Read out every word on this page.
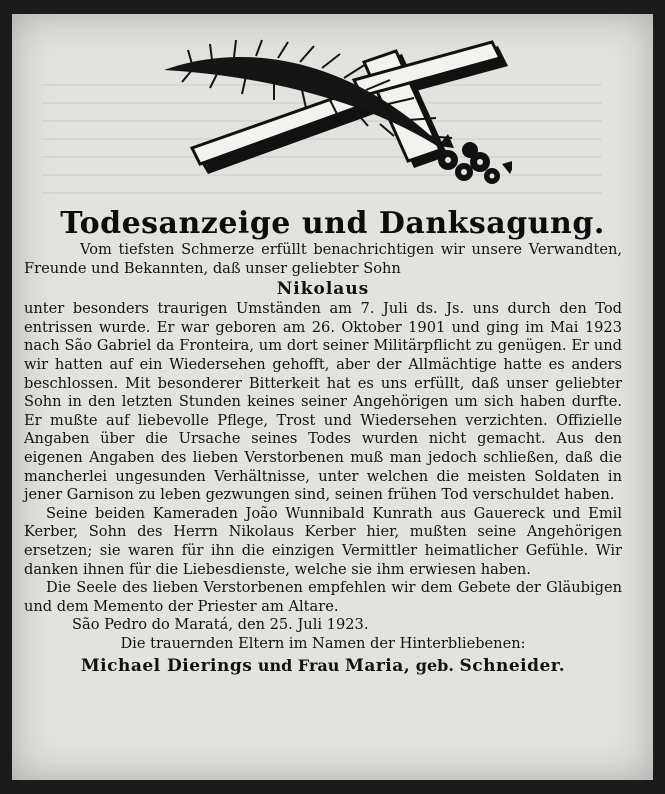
Todesanzeige und Danksagung.

Vom tiefsten Schmerze erfüllt benachrichtigen wir unsere Verwandten, Freunde und Bekannten, daß unser geliebter Sohn

Nikolaus

unter besonders traurigen Umständen am 7. Juli ds. Js. uns durch den Tod entrissen wurde. Er war geboren am 26. Oktober 1901 und ging im Mai 1923 nach São Gabriel da Fronteira, um dort seiner Militärpflicht zu genügen. Er und wir hatten auf ein Wiedersehen gehofft, aber der Allmächtige hatte es anders beschlossen. Mit besonderer Bitterkeit hat es uns erfüllt, daß unser geliebter Sohn in den letzten Stunden keines seiner Angehörigen um sich haben durfte. Er mußte auf liebevolle Pflege, Trost und Wiedersehen verzichten. Offizielle Angaben über die Ursache seines Todes wurden nicht gemacht. Aus den eigenen Angaben des lieben Verstorbenen muß man jedoch schließen, daß die mancherlei ungesunden Verhältnisse, unter welchen die meisten Soldaten in jener Garnison zu leben gezwungen sind, seinen frühen Tod verschuldet haben.

Seine beiden Kameraden João Wunnibald Kunrath aus Gauereck und Emil Kerber, Sohn des Herrn Nikolaus Kerber hier, mußten seine Angehörigen ersetzen; sie waren für ihn die einzigen Vermittler heimatlicher Gefühle. Wir danken ihnen für die Liebesdienste, welche sie ihm erwiesen haben.

Die Seele des lieben Verstorbenen empfehlen wir dem Gebete der Gläubigen und dem Memento der Priester am Altare.

São Pedro do Maratá, den 25. Juli 1923.

Die trauernden Eltern im Namen der Hinterbliebenen:

Michael Dierings und Frau Maria, geb. Schneider.
